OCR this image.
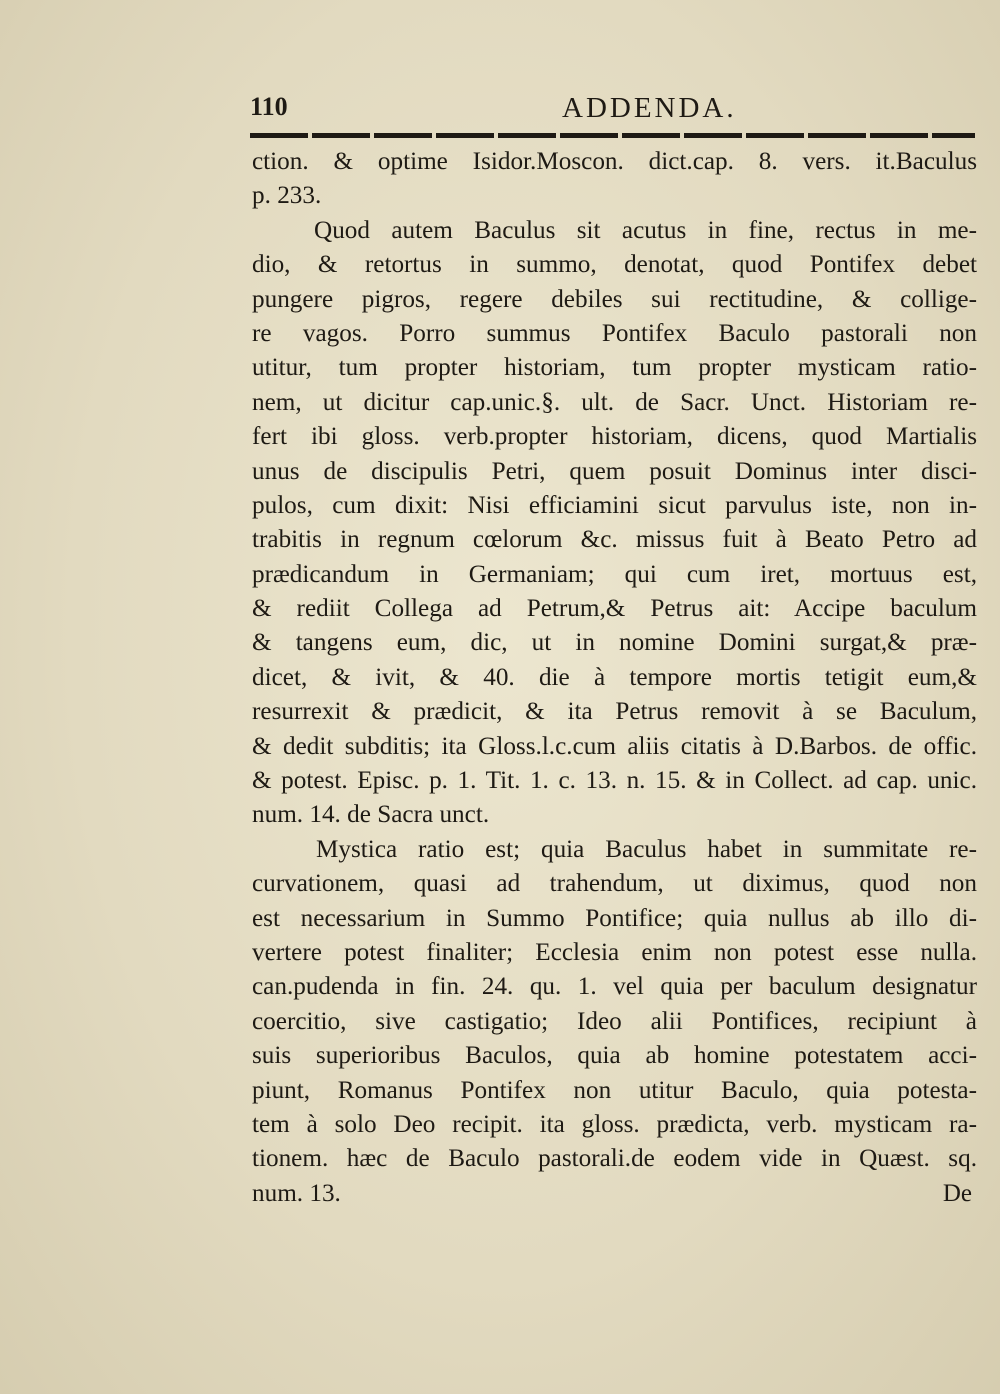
110	ADDENDA.
ction. & optime Isidor.Moscon. dict.cap. 8. vers. it.Baculus
p. 233.
Quod autem Baculus sit acutus in fine, rectus in me-
dio, & retortus in summo, denotat, quod Pontifex debet
pungere pigros, regere debiles sui rectitudine, & collige-
re vagos. Porro summus Pontifex Baculo pastorali non
utitur, tum propter historiam, tum propter mysticam ratio-
nem, ut dicitur cap.unic.§. ult. de Sacr. Unct. Historiam re-
fert ibi gloss. verb.propter historiam, dicens, quod Martialis
unus de discipulis Petri, quem posuit Dominus inter disci-
pulos, cum dixit: Nisi efficiamini sicut parvulus iste, non in-
trabitis in regnum cœlorum &c. missus fuit à Beato Petro ad
prædicandum in Germaniam; qui cum iret, mortuus est,
& rediit Collega ad Petrum,& Petrus ait: Accipe baculum
& tangens eum, dic, ut in nomine Domini surgat,& præ-
dicet, & ivit, & 40. die à tempore mortis tetigit eum,&
resurrexit & prædicit, & ita Petrus removit à se Baculum,
& dedit subditis; ita Gloss.l.c.cum aliis citatis à D.Barbos. de offic.
& potest. Episc. p. 1. Tit. 1. c. 13. n. 15. & in Collect. ad cap. unic.
num. 14. de Sacra unct.
Mystica ratio est; quia Baculus habet in summitate re-
curvationem, quasi ad trahendum, ut diximus, quod non
est necessarium in Summo Pontifice; quia nullus ab illo di-
vertere potest finaliter; Ecclesia enim non potest esse nulla.
can.pudenda in fin. 24. qu. 1. vel quia per baculum designatur
coercitio, sive castigatio; Ideo alii Pontifices, recipiunt à
suis superioribus Baculos, quia ab homine potestatem acci-
piunt, Romanus Pontifex non utitur Baculo, quia potesta-
tem à solo Deo recipit. ita gloss. prædicta, verb. mysticam ra-
tionem. hæc de Baculo pastorali.de eodem vide in Quæst. sq.
num. 13.	De
